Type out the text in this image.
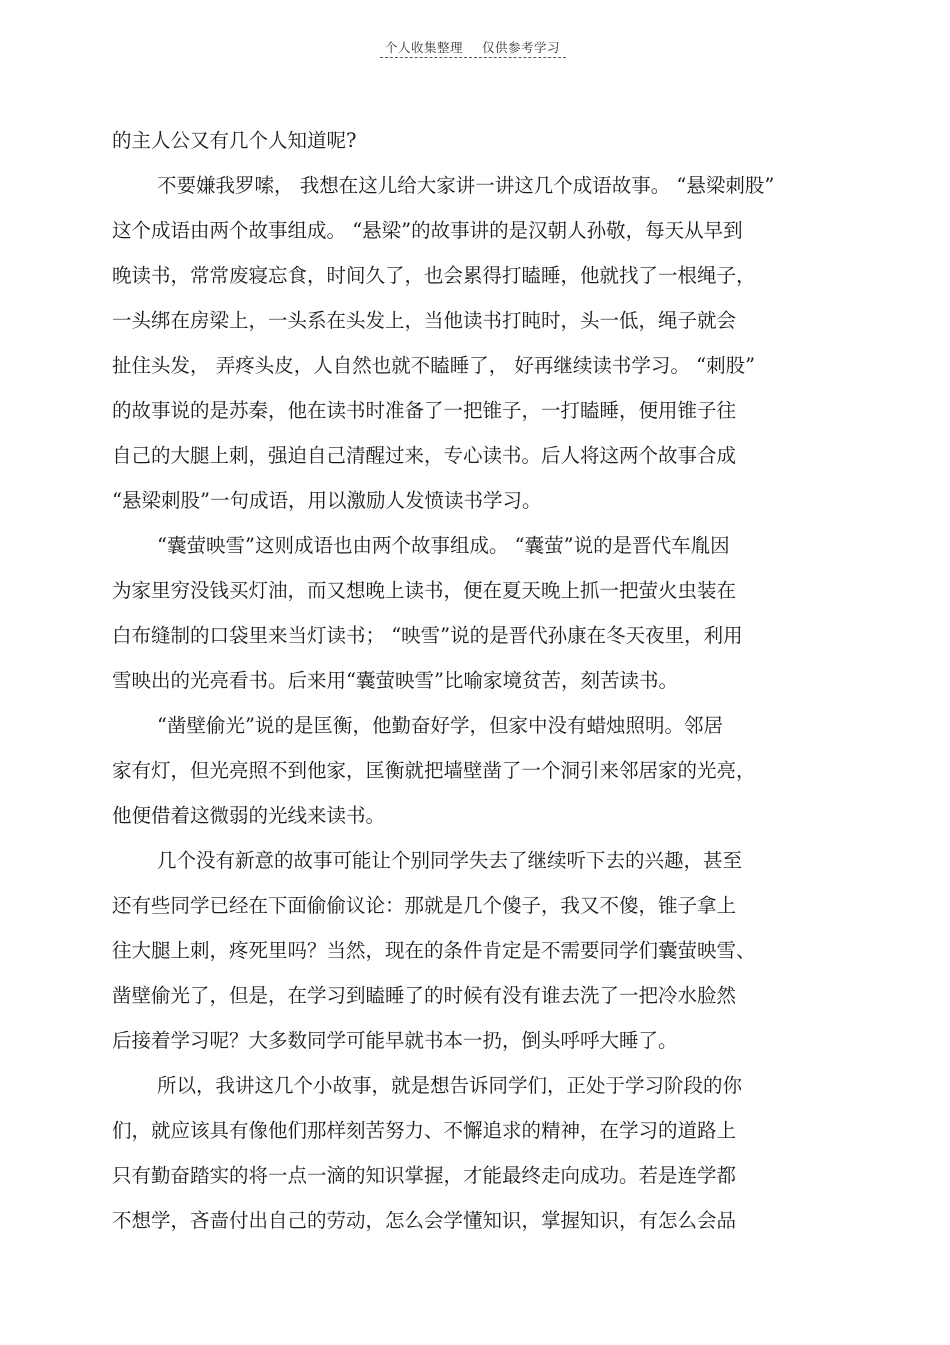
个人收集整理 仅供参考学习
的主人公又有几个人知道呢?
不要嫌我罗嗦， 我想在这儿给大家讲一讲这几个成语故事。 “悬梁刺股”
这个成语由两个故事组成。 “悬梁”的故事讲的是汉朝人孙敬，每天从早到
晚读书，常常废寝忘食，时间久了，也会累得打瞌睡，他就找了一根绳子，
一头绑在房梁上，一头系在头发上，当他读书打盹时，头一低，绳子就会
扯住头发， 弄疼头皮，人自然也就不瞌睡了， 好再继续读书学习。 “刺股”
的故事说的是苏秦，他在读书时准备了一把锥子，一打瞌睡，便用锥子往
自己的大腿上刺，强迫自己清醒过来，专心读书。后人将这两个故事合成
“悬梁刺股”一句成语，用以激励人发愤读书学习。
“囊萤映雪”这则成语也由两个故事组成。 “囊萤”说的是晋代车胤因
为家里穷没钱买灯油，而又想晚上读书，便在夏天晚上抓一把萤火虫装在
白布缝制的口袋里来当灯读书； “映雪”说的是晋代孙康在冬天夜里，利用
雪映出的光亮看书。后来用“囊萤映雪”比喻家境贫苦，刻苦读书。
“凿壁偷光”说的是匡衡，他勤奋好学，但家中没有蜡烛照明。邻居
家有灯，但光亮照不到他家，匡衡就把墙壁凿了一个洞引来邻居家的光亮，
他便借着这微弱的光线来读书。
几个没有新意的故事可能让个别同学失去了继续听下去的兴趣，甚至
还有些同学已经在下面偷偷议论：那就是几个傻子，我又不傻，锥子拿上
往大腿上刺，疼死里吗？当然，现在的条件肯定是不需要同学们囊萤映雪、
凿壁偷光了，但是，在学习到瞌睡了的时候有没有谁去洗了一把冷水脸然
后接着学习呢？大多数同学可能早就书本一扔，倒头呼呼大睡了。
所以，我讲这几个小故事，就是想告诉同学们，正处于学习阶段的你
们，就应该具有像他们那样刻苦努力、不懈追求的精神，在学习的道路上
只有勤奋踏实的将一点一滴的知识掌握，才能最终走向成功。若是连学都
不想学，吝啬付出自己的劳动，怎么会学懂知识，掌握知识，有怎么会品
